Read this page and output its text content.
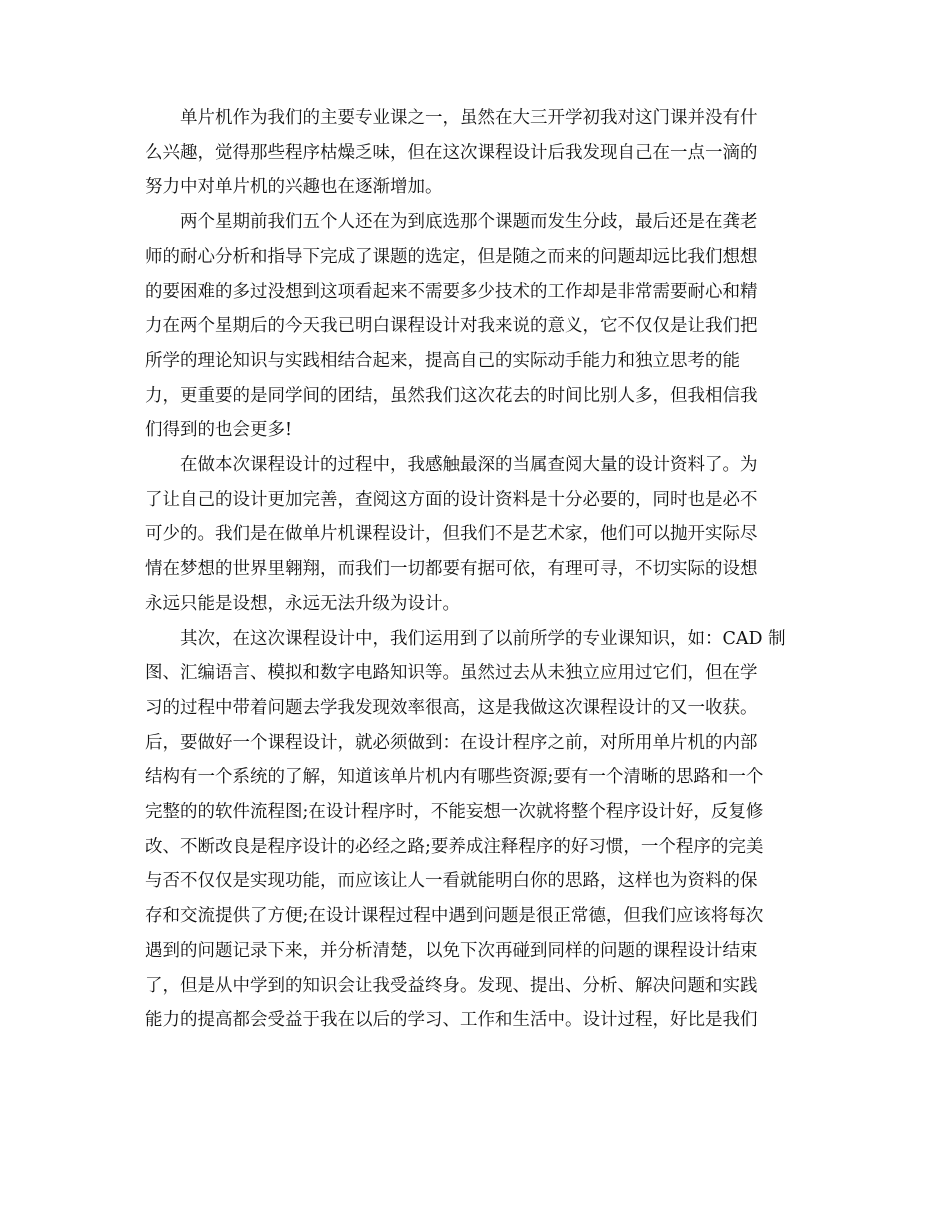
单片机作为我们的主要专业课之一，虽然在大三开学初我对这门课并没有什
么兴趣，觉得那些程序枯燥乏味，但在这次课程设计后我发现自己在一点一滴的
努力中对单片机的兴趣也在逐渐增加。
两个星期前我们五个人还在为到底选那个课题而发生分歧，最后还是在龚老
师的耐心分析和指导下完成了课题的选定，但是随之而来的问题却远比我们想想
的要困难的多过没想到这项看起来不需要多少技术的工作却是非常需要耐心和精
力在两个星期后的今天我已明白课程设计对我来说的意义，它不仅仅是让我们把
所学的理论知识与实践相结合起来，提高自己的实际动手能力和独立思考的能
力，更重要的是同学间的团结，虽然我们这次花去的时间比别人多，但我相信我
们得到的也会更多!
在做本次课程设计的过程中，我感触最深的当属查阅大量的设计资料了。为
了让自己的设计更加完善，查阅这方面的设计资料是十分必要的，同时也是必不
可少的。我们是在做单片机课程设计，但我们不是艺术家，他们可以抛开实际尽
情在梦想的世界里翱翔，而我们一切都要有据可依，有理可寻，不切实际的设想
永远只能是设想，永远无法升级为设计。
其次，在这次课程设计中，我们运用到了以前所学的专业课知识，如：CAD 制
图、汇编语言、模拟和数字电路知识等。虽然过去从未独立应用过它们，但在学
习的过程中带着问题去学我发现效率很高，这是我做这次课程设计的又一收获。
后，要做好一个课程设计，就必须做到：在设计程序之前，对所用单片机的内部
结构有一个系统的了解，知道该单片机内有哪些资源;要有一个清晰的思路和一个
完整的的软件流程图;在设计程序时，不能妄想一次就将整个程序设计好，反复修
改、不断改良是程序设计的必经之路;要养成注释程序的好习惯，一个程序的完美
与否不仅仅是实现功能，而应该让人一看就能明白你的思路，这样也为资料的保
存和交流提供了方便;在设计课程过程中遇到问题是很正常德，但我们应该将每次
遇到的问题记录下来，并分析清楚，以免下次再碰到同样的问题的课程设计结束
了，但是从中学到的知识会让我受益终身。发现、提出、分析、解决问题和实践
能力的提高都会受益于我在以后的学习、工作和生活中。设计过程，好比是我们
